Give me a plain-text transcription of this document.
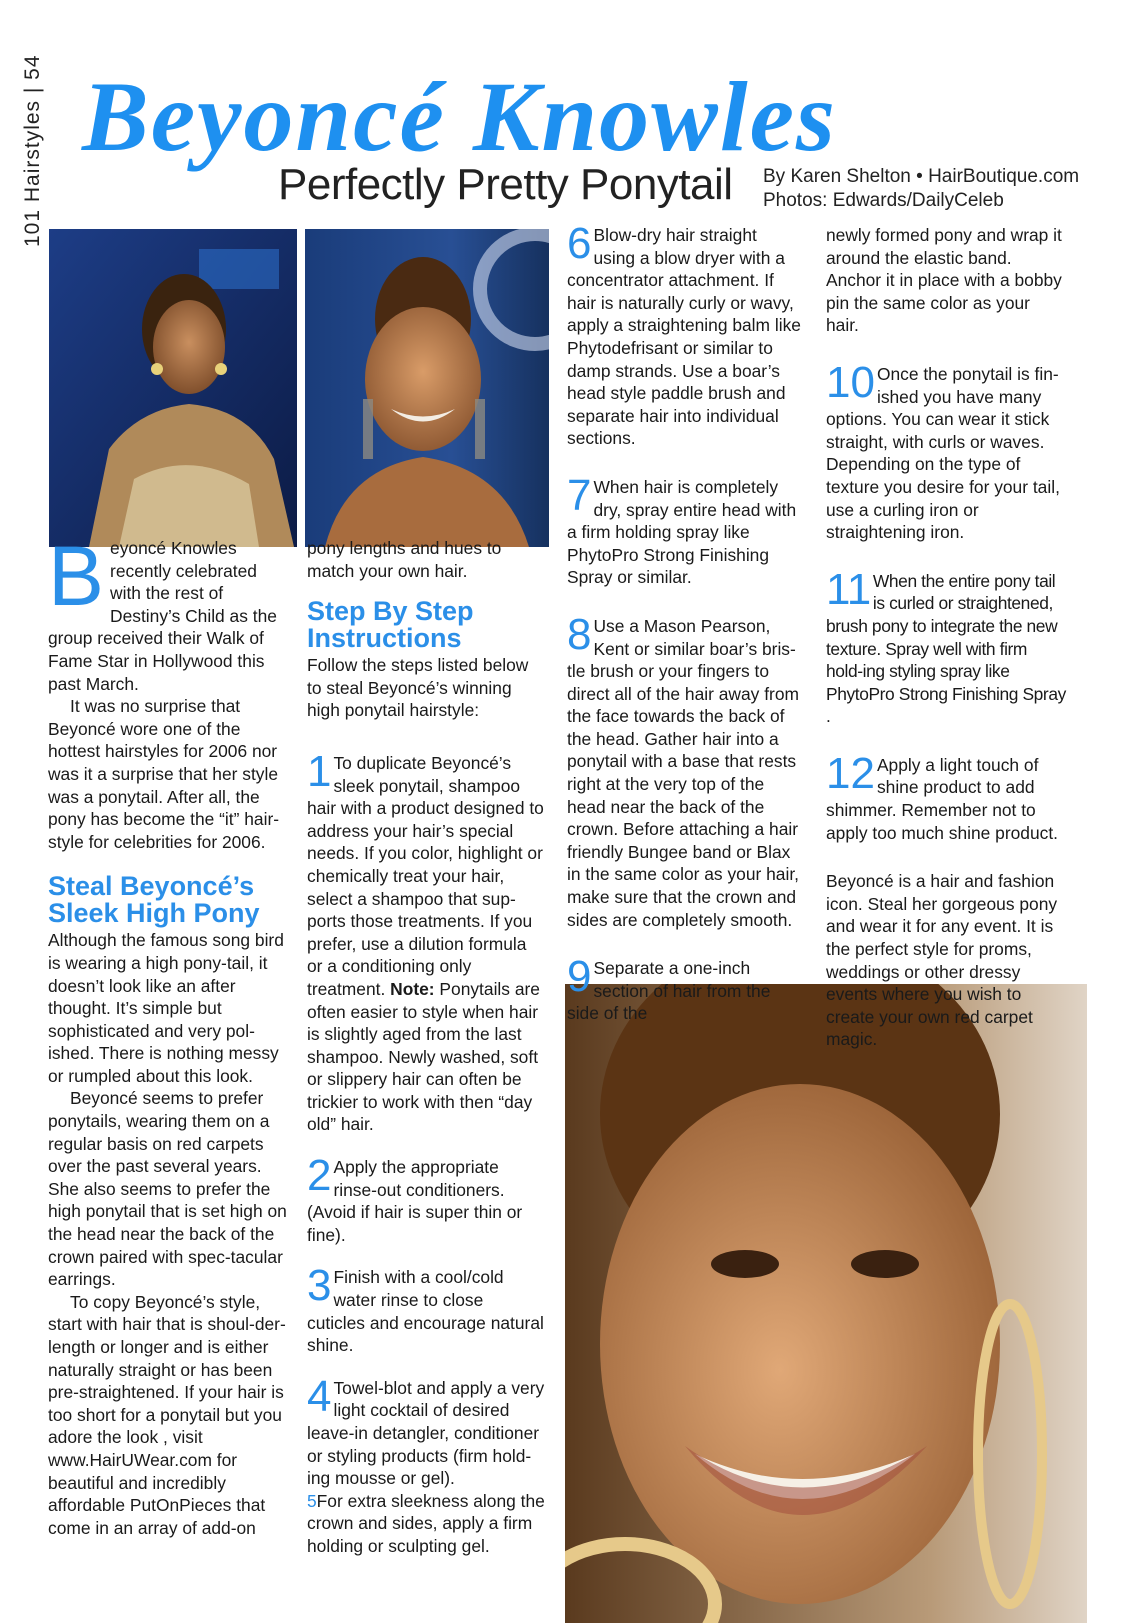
101 Hairstyles | 54 Beyoncé Knowles
Perfectly Pretty Ponytail By Karen Shelton • HairBoutique.com
Photos: Edwards/DailyCeleb

Beyoncé Knowles recently celebrated with the rest of Destiny’s Child as the group received their Walk of Fame Star in Hollywood this past March.

It was no surprise that Beyoncé wore one of the hottest hairstyles for 2006 nor was it a surprise that her style was a ponytail. After all, the pony has become the “it” hair-style for celebrities for 2006.

Steal Beyoncé’s Sleek High Pony

Although the famous song bird is wearing a high pony-tail, it doesn’t look like an after thought. It’s simple but sophisticated and very pol-ished. There is nothing messy or rumpled about this look.

Beyoncé seems to prefer ponytails, wearing them on a regular basis on red carpets over the past several years. She also seems to prefer the high ponytail that is set high on the head near the back of the crown paired with spec-tacular earrings.

To copy Beyoncé’s style, start with hair that is shoul-der-length or longer and is either naturally straight or has been pre-straightened. If your hair is too short for a ponytail but you adore the look , visit www.HairUWear.com for beautiful and incredibly affordable PutOnPieces that come in an array of add-on

pony lengths and hues to match your own hair.

Step By Step Instructions

Follow the steps listed below to steal Beyoncé’s winning high ponytail hairstyle:

1 To duplicate Beyoncé’s sleek ponytail, shampoo hair with a product designed to address your hair’s special needs. If you color, highlight or chemically treat your hair, select a shampoo that sup-ports those treatments. If you prefer, use a dilution formula or a conditioning only treatment. Note: Ponytails are often easier to style when hair is slightly aged from the last shampoo. Newly washed, soft or slippery hair can often be trickier to work with then “day old” hair.
2 Apply the appropriate rinse-out conditioners. (Avoid if hair is super thin or fine).
3 Finish with a cool/cold water rinse to close cuticles and encourage natural shine.
4 Towel-blot and apply a very light cocktail of desired leave-in detangler, conditioner or styling products (firm hold-ing mousse or gel).
5For extra sleekness along the crown and sides, apply a firm holding or sculpting gel.
6 Blow-dry hair straight using a blow dryer with a concentrator attachment. If hair is naturally curly or wavy, apply a straightening balm like Phytodefrisant or similar to damp strands. Use a boar’s head style paddle brush and separate hair into individual sections.
7 When hair is completely dry, spray entire head with a firm holding spray like PhytoPro Strong Finishing Spray or similar.
8 Use a Mason Pearson, Kent or similar boar’s bris-tle brush or your fingers to direct all of the hair away from the face towards the back of the head. Gather hair into a ponytail with a base that rests right at the very top of the head near the back of the crown. Before attaching a hair friendly Bungee band or Blax in the same color as your hair, make sure that the crown and sides are completely smooth.
9 Separate a one-inch section of hair from the side of the

newly formed pony and wrap it around the elastic band. Anchor it in place with a bobby pin the same color as your hair.

10 Once the ponytail is fin-ished you have many options. You can wear it stick straight, with curls or waves. Depending on the type of texture you desire for your tail, use a curling iron or straightening iron.
11 When the entire pony tail is curled or straightened, brush pony to integrate the new texture. Spray well with firm hold-ing styling spray like PhytoPro Strong Finishing Spray .
12 Apply a light touch of shine product to add shimmer. Remember not to apply too much shine product.

Beyoncé is a hair and fashion icon. Steal her gorgeous pony and wear it for any event. It is the perfect style for proms, weddings or other dressy events where you wish to create your own red carpet magic.
